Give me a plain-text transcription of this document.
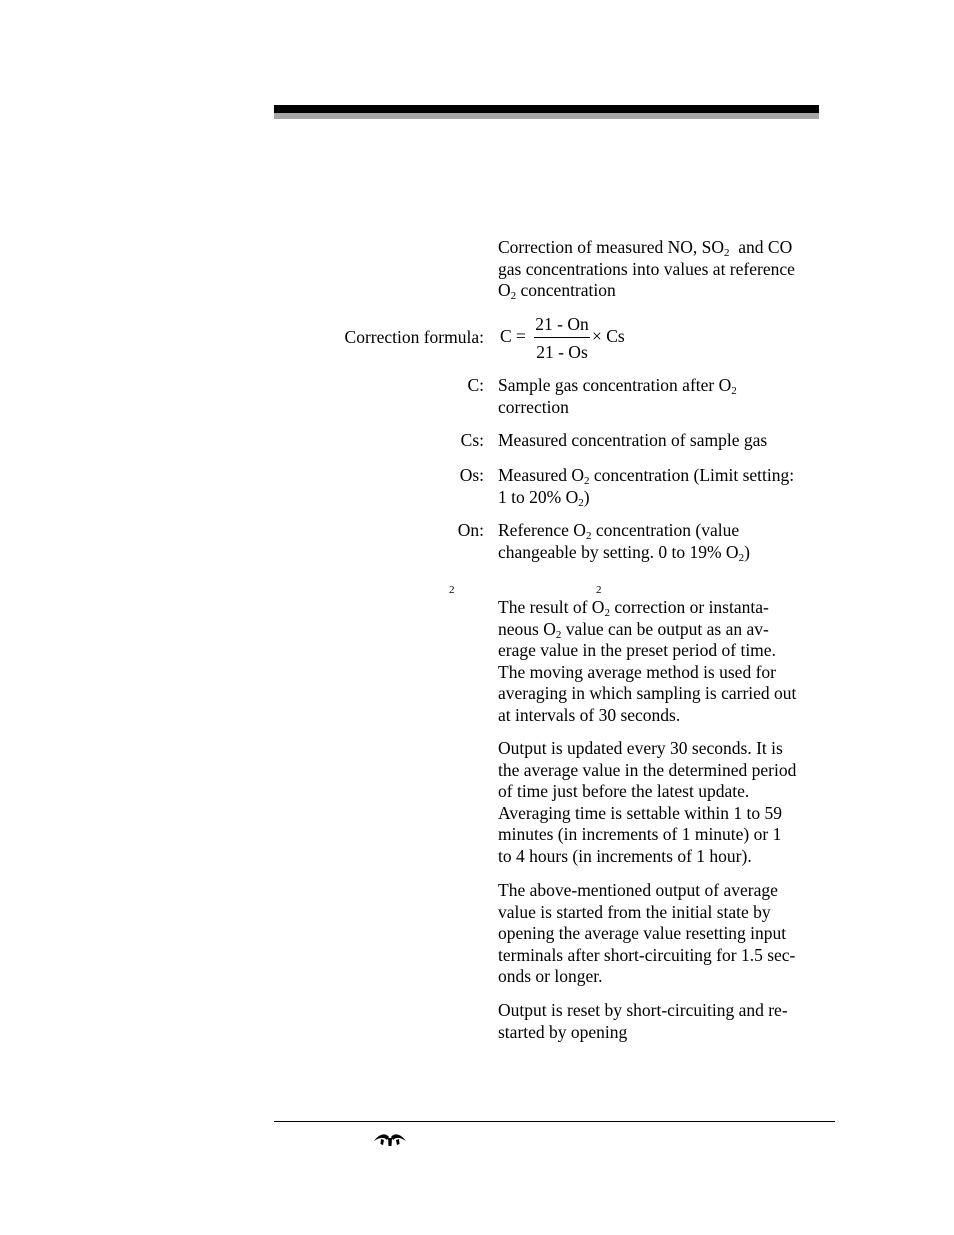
Correction of measured NO, $SO_2$  and CO
gas concentrations into values at reference
$O_2$ concentration
Correction formula: C =
21 - On
21 - Os
× Cs
C: Sample gas concentration after $O_2$
correction
Cs: Measured concentration of sample gas
Os: Measured $O_2$ concentration (Limit setting:
1 to 20% $O_2$)
On: Reference $O_2$ concentration (value
changeable by setting. 0 to 19% $O_2$)
2	2
The result of $O_2$ correction or instanta-
neous $O_2$ value can be output as an av-
erage value in the preset period of time.
The moving average method is used for
averaging in which sampling is carried out
at intervals of 30 seconds.
Output is updated every 30 seconds. It is
the average value in the determined period
of time just before the latest update.
Averaging time is settable within 1 to 59
minutes (in increments of 1 minute) or 1
to 4 hours (in increments of 1 hour).
The above-mentioned output of average
value is started from the initial state by
opening the average value resetting input
terminals after short-circuiting for 1.5 sec-
onds or longer.
Output is reset by short-circuiting and re-
started by opening
